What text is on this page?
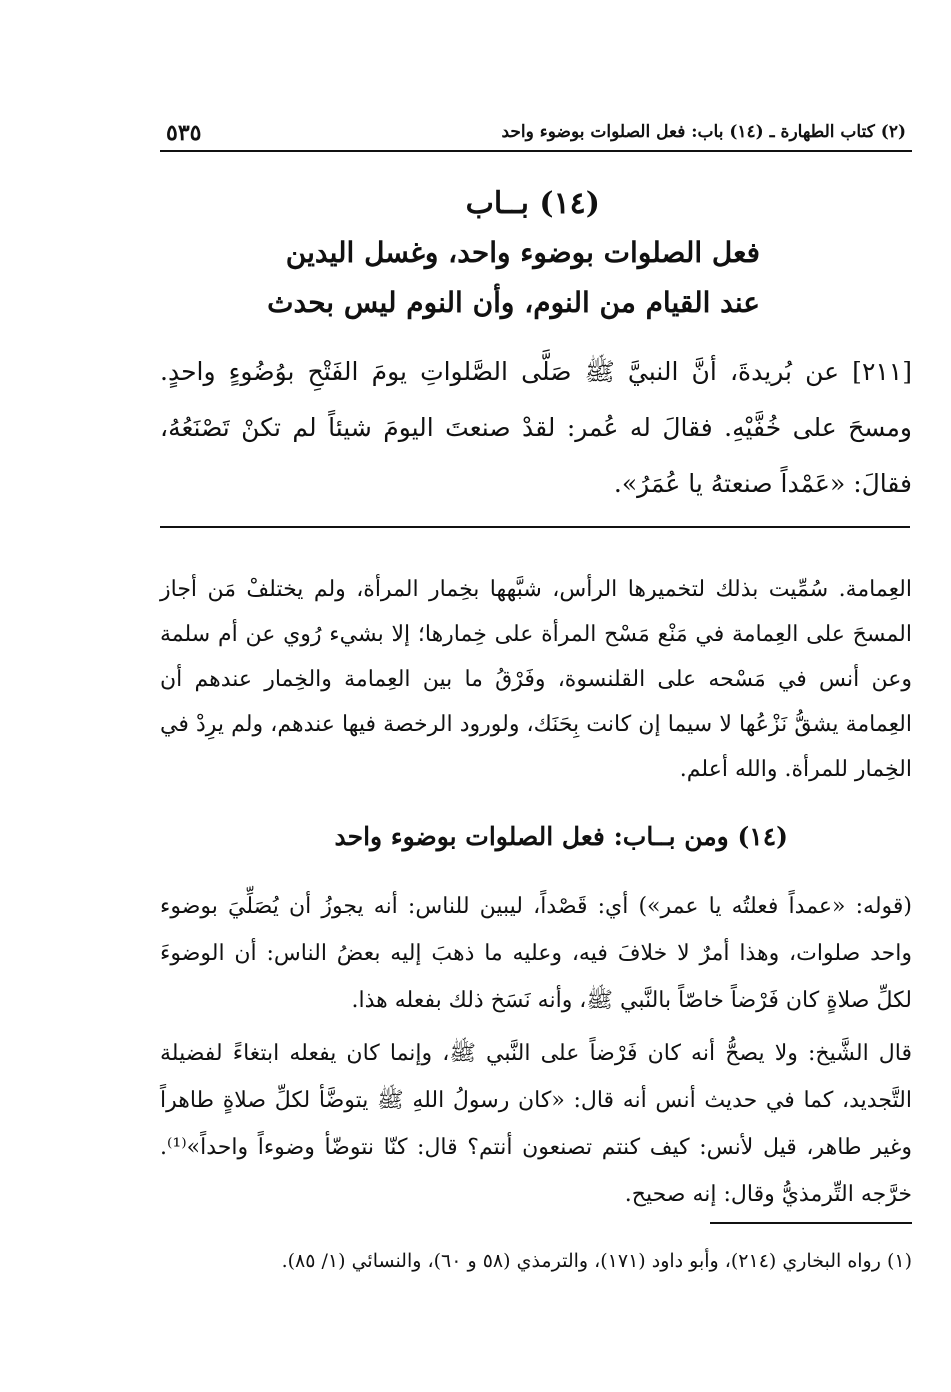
٥٣٥	(٢) كتاب الطهارة ـ (١٤) باب: فعل الصلوات بوضوء واحد
(١٤) بــاب
فعل الصلوات بوضوء واحد، وغسل اليدين
عند القيام من النوم، وأن النوم ليس بحدث
[٢١١] عن بُريدةَ، أنَّ النبيَّ ﷺ صَلَّى الصَّلواتِ يومَ الفَتْحِ بوُضُوءٍ واحدٍ. ومسحَ على خُفَّيْهِ. فقالَ له عُمر: لقدْ صنعتَ اليومَ شيئاً لم تكنْ تَصْنَعُهُ، فقالَ: «عَمْداً صنعتهُ يا عُمَرُ».
العِمامة. سُمِّيت بذلك لتخميرها الرأس، شبَّهها بخِمار المرأة، ولم يختلفْ مَن أجاز المسحَ على العِمامة في مَنْع مَسْح المرأة على خِمارها؛ إلا بشيء رُوي عن أم سلمة وعن أنس في مَسْحه على القلنسوة، وفَرْقُ ما بين العِمامة والخِمار عندهم أن العِمامة يشقُّ نَزْعُها لا سيما إن كانت بِحَنَك، ولورود الرخصة فيها عندهم، ولم يرِدْ في الخِمار للمرأة. والله أعلم.
(١٤) ومن بــاب: فعل الصلوات بوضوء واحد
(قوله: «عمداً فعلتُه يا عمر») أي: قَصْداً، ليبين للناس: أنه يجوزُ أن يُصَلِّيَ بوضوء واحد صلوات، وهذا أمرٌ لا خلافَ فيه، وعليه ما ذهبَ إليه بعضُ الناس: أن الوضوءَ لكلِّ صلاةٍ كان فَرْضاً خاصّاً بالنَّبي ﷺ، وأنه نَسَخ ذلك بفعله هذا.
قال الشَّيخ: ولا يصحُّ أنه كان فَرْضاً على النَّبي ﷺ، وإنما كان يفعله ابتغاءً لفضيلة التَّجديد، كما في حديث أنس أنه قال: «كان رسولُ اللهِ ﷺ يتوضَّأ لكلِّ صلاةٍ طاهراً وغير طاهر، قيل لأنس: كيف كنتم تصنعون أنتم؟ قال: كنّا نتوضّأ وضوءاً واحداً»⁽¹⁾. خرَّجه التِّرمذيُّ وقال: إنه صحيح.
(١) رواه البخاري (٢١٤)، وأبو داود (١٧١)، والترمذي (٥٨ و ٦٠)، والنسائي (١/ ٨٥).
